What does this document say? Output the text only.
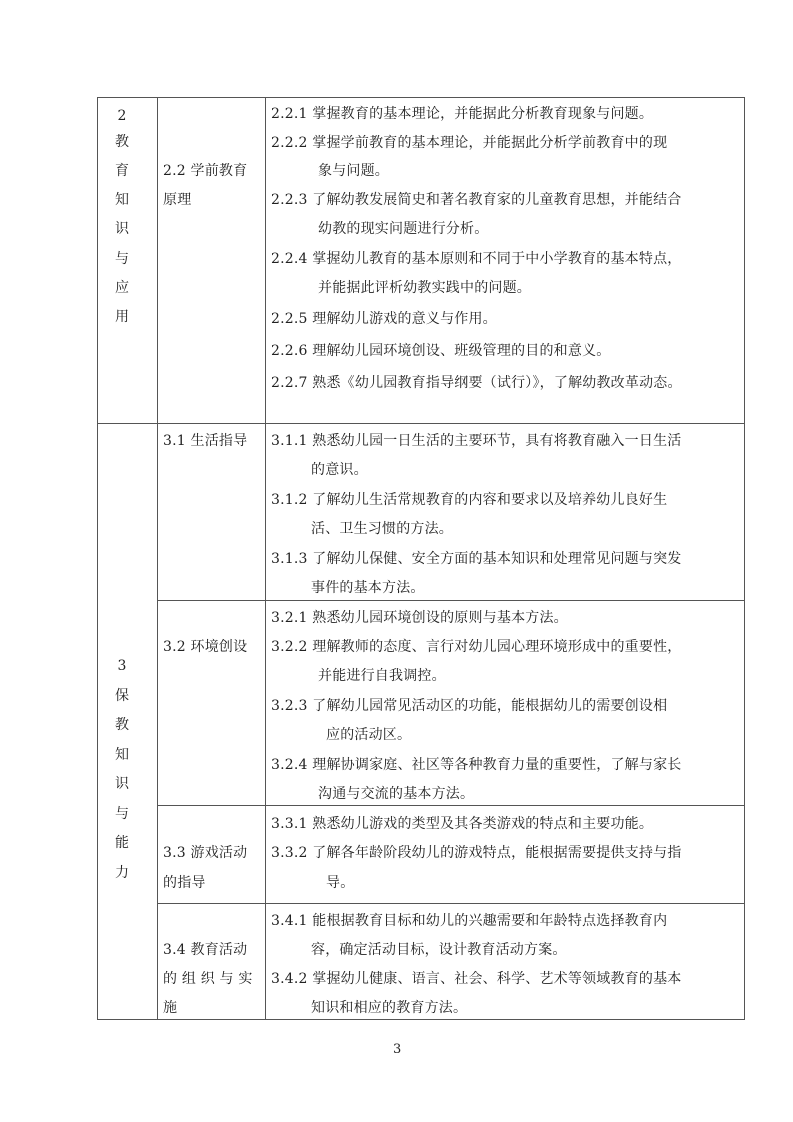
2
教
育
知
识
与
应
用
2.2 学前教育
原理
2.2.1 掌握教育的基本理论，并能据此分析教育现象与问题。
2.2.2 掌握学前教育的基本理论，并能据此分析学前教育中的现
象与问题。
2.2.3 了解幼教发展简史和著名教育家的儿童教育思想，并能结合
幼教的现实问题进行分析。
2.2.4 掌握幼儿教育的基本原则和不同于中小学教育的基本特点，
并能据此评析幼教实践中的问题。
2.2.5 理解幼儿游戏的意义与作用。
2.2.6 理解幼儿园环境创设、班级管理的目的和意义。
2.2.7 熟悉《幼儿园教育指导纲要（试行）》，了解幼教改革动态。
3
保
教
知
识
与
能
力
3.1 生活指导 3.1.1 熟悉幼儿园一日生活的主要环节，具有将教育融入一日生活
的意识。
3.1.2 了解幼儿生活常规教育的内容和要求以及培养幼儿良好生
活、卫生习惯的方法。
3.1.3 了解幼儿保健、安全方面的基本知识和处理常见问题与突发
事件的基本方法。
3.2 环境创设
3.2.1 熟悉幼儿园环境创设的原则与基本方法。
3.2.2 理解教师的态度、言行对幼儿园心理环境形成中的重要性，
并能进行自我调控。
3.2.3 了解幼儿园常见活动区的功能，能根据幼儿的需要创设相
应的活动区。
3.2.4 理解协调家庭、社区等各种教育力量的重要性，了解与家长
沟通与交流的基本方法。
3.3 游戏活动
的指导
3.3.1 熟悉幼儿游戏的类型及其各类游戏的特点和主要功能。
3.3.2 了解各年龄阶段幼儿的游戏特点，能根据需要提供支持与指
导。
3.4 教育活动
的 组 织 与 实
施
3.4.1 能根据教育目标和幼儿的兴趣需要和年龄特点选择教育内
容，确定活动目标，设计教育活动方案。
3.4.2 掌握幼儿健康、语言、社会、科学、艺术等领域教育的基本
知识和相应的教育方法。
3
